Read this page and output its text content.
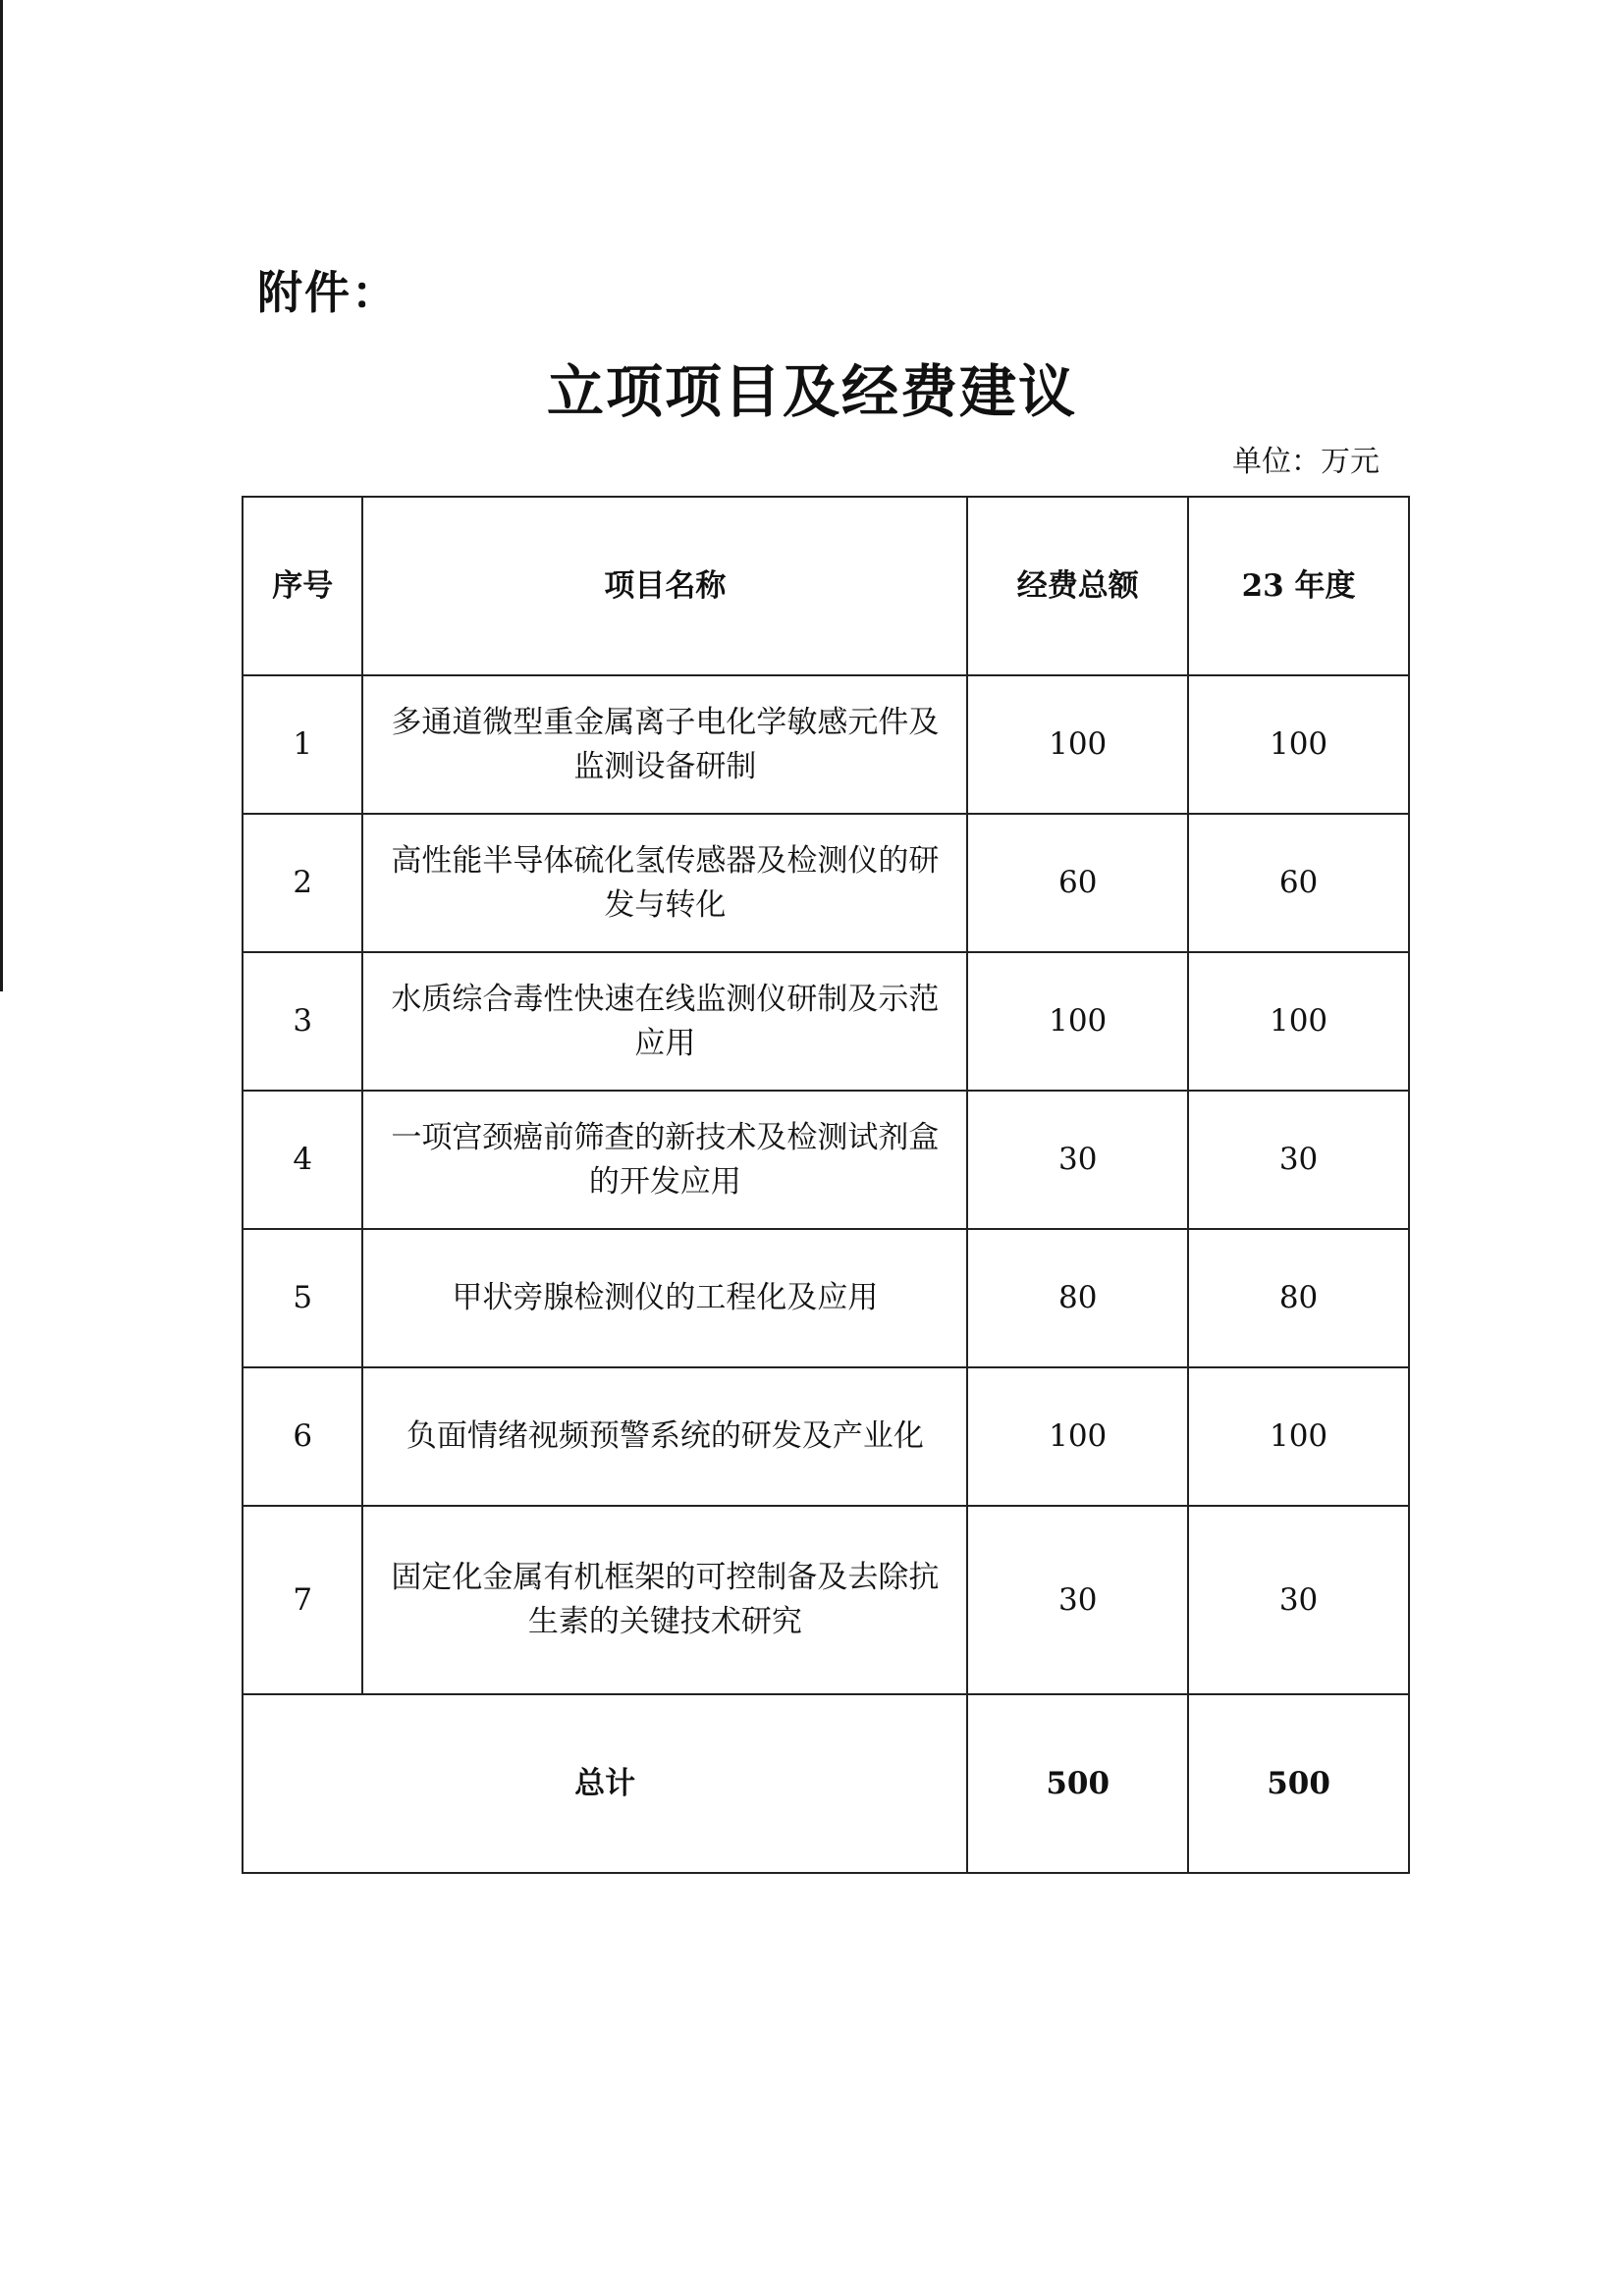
附件：
立项项目及经费建议
单位：万元
序号	项目名称	经费总额	23 年度
1	多通道微型重金属离子电化学敏感元件及监测设备研制	100	100
2	高性能半导体硫化氢传感器及检测仪的研发与转化	60	60
3	水质综合毒性快速在线监测仪研制及示范应用	100	100
4	一项宫颈癌前筛查的新技术及检测试剂盒的开发应用	30	30
5	甲状旁腺检测仪的工程化及应用	80	80
6	负面情绪视频预警系统的研发及产业化	100	100
7	固定化金属有机框架的可控制备及去除抗生素的关键技术研究	30	30
总计		500	500
